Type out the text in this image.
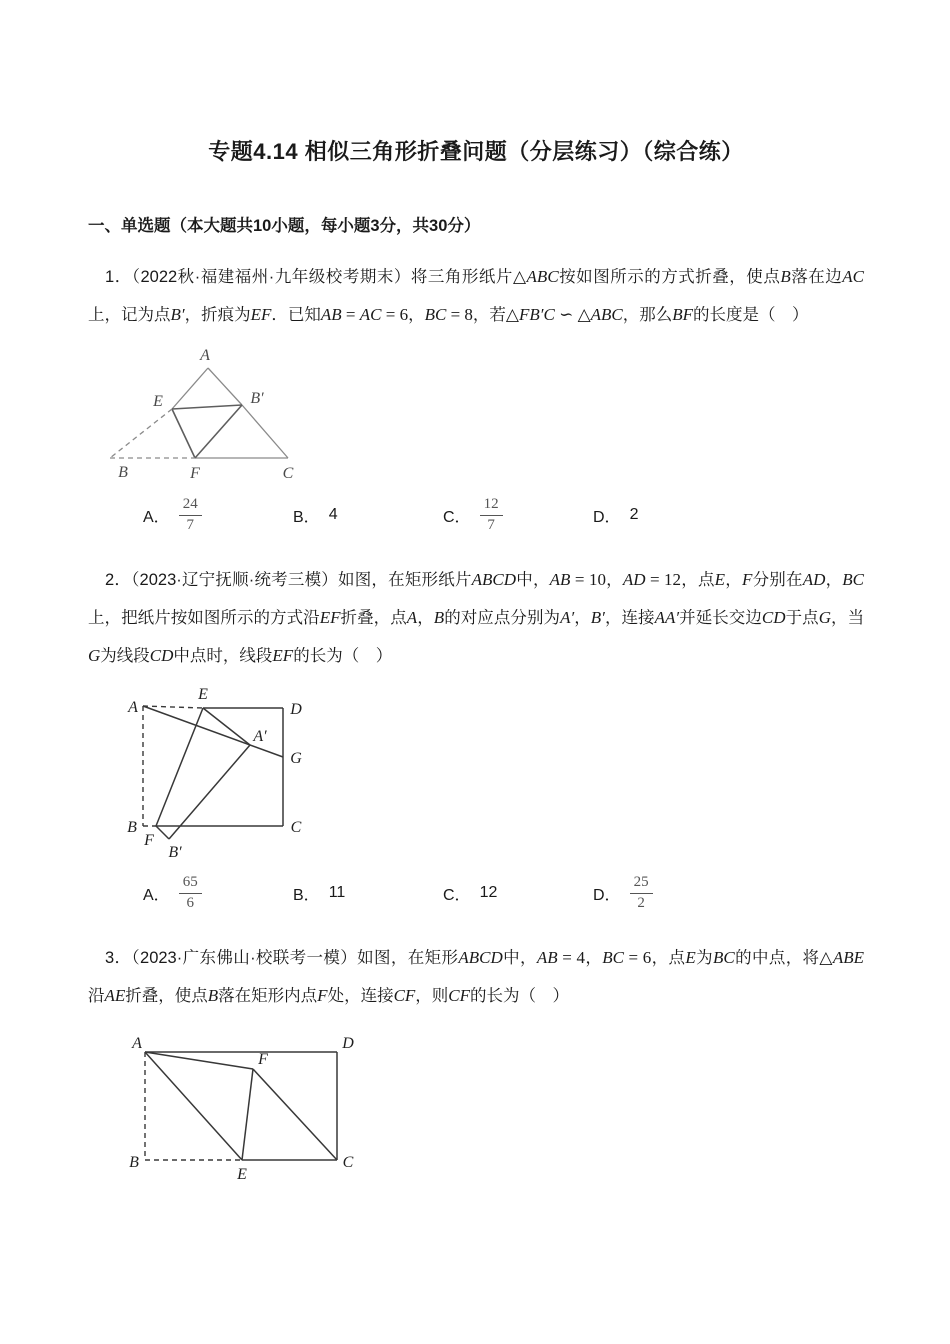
专题4.14 相似三角形折叠问题（分层练习）（综合练）
一、单选题（本大题共10小题，每小题3分，共30分）

1．（2022秋·福建福州·九年级校考期末）将三角形纸片△ABC按如图所示的方式折叠，使点B落在边AC上，记为点B′，折痕为EF．已知AB = AC = 6，BC = 8，若△FB′C ∽ △ABC，那么BF的长度是（　）

A
E	B′
B	F	C
A． $\frac{24}{7}$	B． 4	C． $\frac{12}{7}$	D． 2

2．（2023·辽宁抚顺·统考三模）如图，在矩形纸片ABCD中，AB = 10，AD = 12，点E，F分别在AD，BC上，把纸片按如图所示的方式沿EF折叠，点A，B的对应点分别为A′，B′，连接AA′并延长交边CD于点G，当G为线段CD中点时，线段EF的长为（　）

A
E
D
A′
G
B
F
B′
C
A． $\frac{65}{6}$	B． 11	C． 12	D． $\frac{25}{2}$

3．（2023·广东佛山·校联考一模）如图，在矩形ABCD中，AB = 4，BC = 6，点E为BC的中点，将△ABE沿AE折叠，使点B落在矩形内点F处，连接CF，则CF的长为（　）

A	D
F
B
E
C
